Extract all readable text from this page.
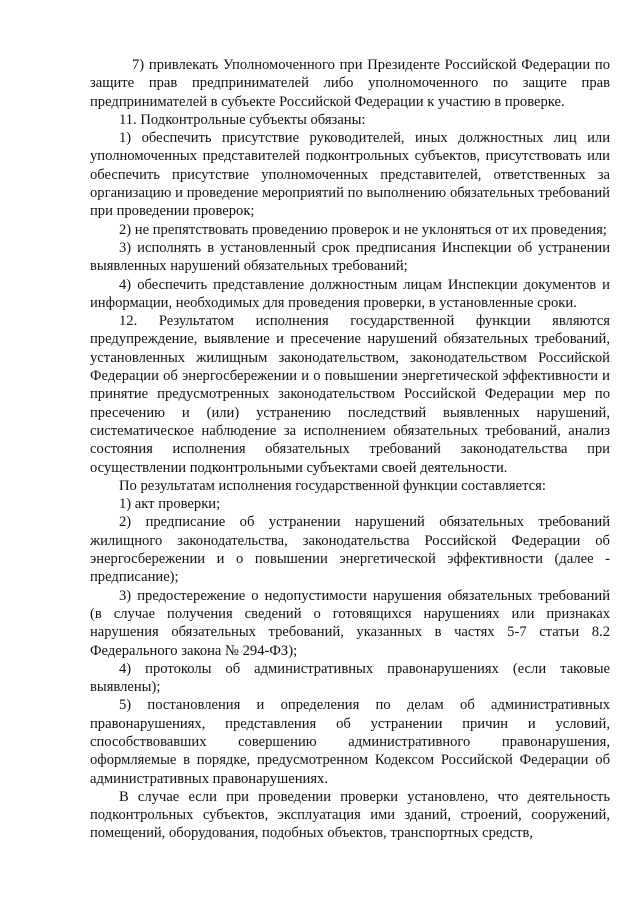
7) привлекать Уполномоченного при Президенте Российской Федерации по защите прав предпринимателей либо уполномоченного по защите прав предпринимателей в субъекте Российской Федерации к участию в проверке.

11. Подконтрольные субъекты обязаны:

1) обеспечить присутствие руководителей, иных должностных лиц или уполномоченных представителей подконтрольных субъектов, присутствовать или обеспечить присутствие уполномоченных представителей, ответственных за организацию и проведение мероприятий по выполнению обязательных требований при проведении проверок;

2) не препятствовать проведению проверок и не уклоняться от их проведения;

3) исполнять в установленный срок предписания Инспекции об устранении выявленных нарушений обязательных требований;

4) обеспечить представление должностным лицам Инспекции документов и информации, необходимых для проведения проверки, в установленные сроки.

12. Результатом исполнения государственной функции являются предупреждение, выявление и пресечение нарушений обязательных требований, установленных жилищным законодательством, законодательством Российской Федерации об энергосбережении и о повышении энергетической эффективности и принятие предусмотренных законодательством Российской Федерации мер по пресечению и (или) устранению последствий выявленных нарушений, систематическое наблюдение за исполнением обязательных требований, анализ состояния исполнения обязательных требований законодательства при осуществлении подконтрольными субъектами своей деятельности.

По результатам исполнения государственной функции составляется:

1) акт проверки;

2) предписание об устранении нарушений обязательных требований жилищного законодательства, законодательства Российской Федерации об энергосбережении и о повышении энергетической эффективности (далее - предписание);

3) предостережение о недопустимости нарушения обязательных требований (в случае получения сведений о готовящихся нарушениях или признаках нарушения обязательных требований, указанных в частях 5-7 статьи 8.2 Федерального закона № 294-ФЗ);

4) протоколы об административных правонарушениях (если таковые выявлены);

5) постановления и определения по делам об административных правонарушениях, представления об устранении причин и условий, способствовавших совершению административного правонарушения, оформляемые в порядке, предусмотренном Кодексом Российской Федерации об административных правонарушениях.

В случае если при проведении проверки установлено, что деятельность подконтрольных субъектов, эксплуатация ими зданий, строений, сооружений, помещений, оборудования, подобных объектов, транспортных средств,
